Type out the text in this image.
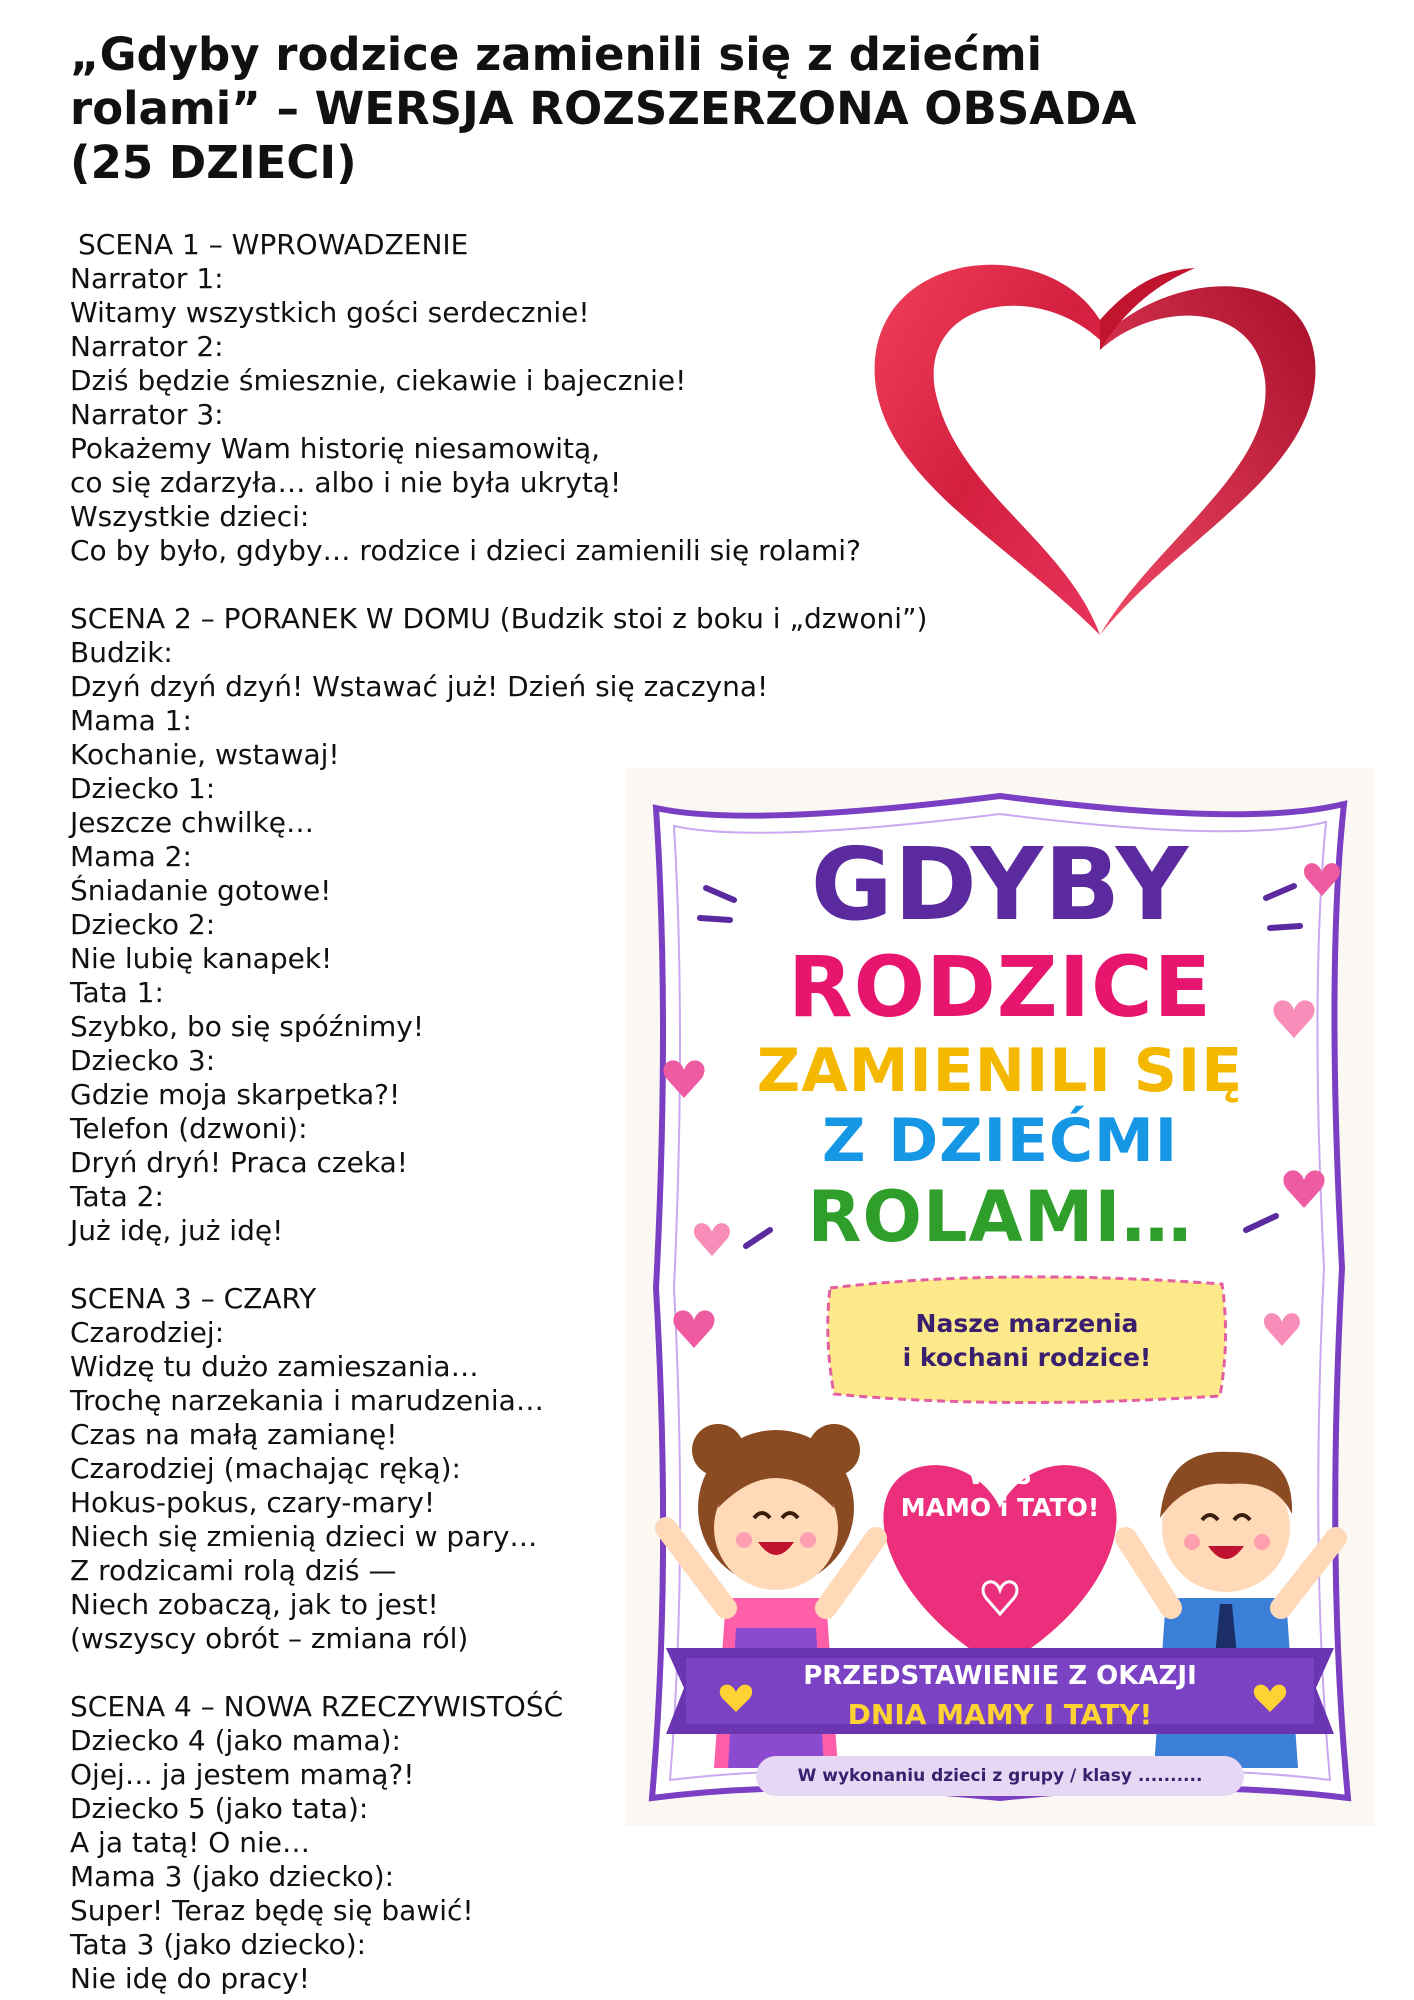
„Gdyby rodzice zamienili się z dziećmi
rolami” – WERSJA ROZSZERZONA OBSADA
(25 DZIECI)
SCENA 1 – WPROWADZENIE
Narrator 1:
Witamy wszystkich gości serdecznie!
Narrator 2:
Dziś będzie śmiesznie, ciekawie i bajecznie!
Narrator 3:
Pokażemy Wam historię niesamowitą,
co się zdarzyła… albo i nie była ukrytą!
Wszystkie dzieci:
Co by było, gdyby… rodzice i dzieci zamienili się rolami?
SCENA 2 – PORANEK W DOMU (Budzik stoi z boku i „dzwoni”)
Budzik:
Dzyń dzyń dzyń! Wstawać już! Dzień się zaczyna!
Mama 1:
Kochanie, wstawaj!
Dziecko 1:
Jeszcze chwilkę…
Mama 2:
Śniadanie gotowe!
Dziecko 2:
Nie lubię kanapek!
Tata 1:
Szybko, bo się spóźnimy!
Dziecko 3:
Gdzie moja skarpetka?!
Telefon (dzwoni):
Dryń dryń! Praca czeka!
Tata 2:
Już idę, już idę!
SCENA 3 – CZARY
Czarodziej:
Widzę tu dużo zamieszania…
Trochę narzekania i marudzenia…
Czas na małą zamianę!
Czarodziej (machając ręką):
Hokus-pokus, czary-mary!
Niech się zmienią dzieci w pary…
Z rodzicami rolą dziś —
Niech zobaczą, jak to jest!
(wszyscy obrót – zmiana ról)
SCENA 4 – NOWA RZECZYWISTOŚĆ
Dziecko 4 (jako mama):
Ojej… ja jestem mamą?!
Dziecko 5 (jako tata):
A ja tatą! O nie…
Mama 3 (jako dziecko):
Super! Teraz będę się bawić!
Tata 3 (jako dziecko):
Nie idę do pracy!
GDYBY
RODZICE
ZAMIENILI SIĘ
Z DZIEĆMI
ROLAMI…
Nasze marzenia
i kochani rodzice!
KOCHAMY
WAS
MAMO i TATO!
PRZEDSTAWIENIE Z OKAZJI
DNIA MAMY I TATY!
W wykonaniu dzieci z grupy / klasy ..........
